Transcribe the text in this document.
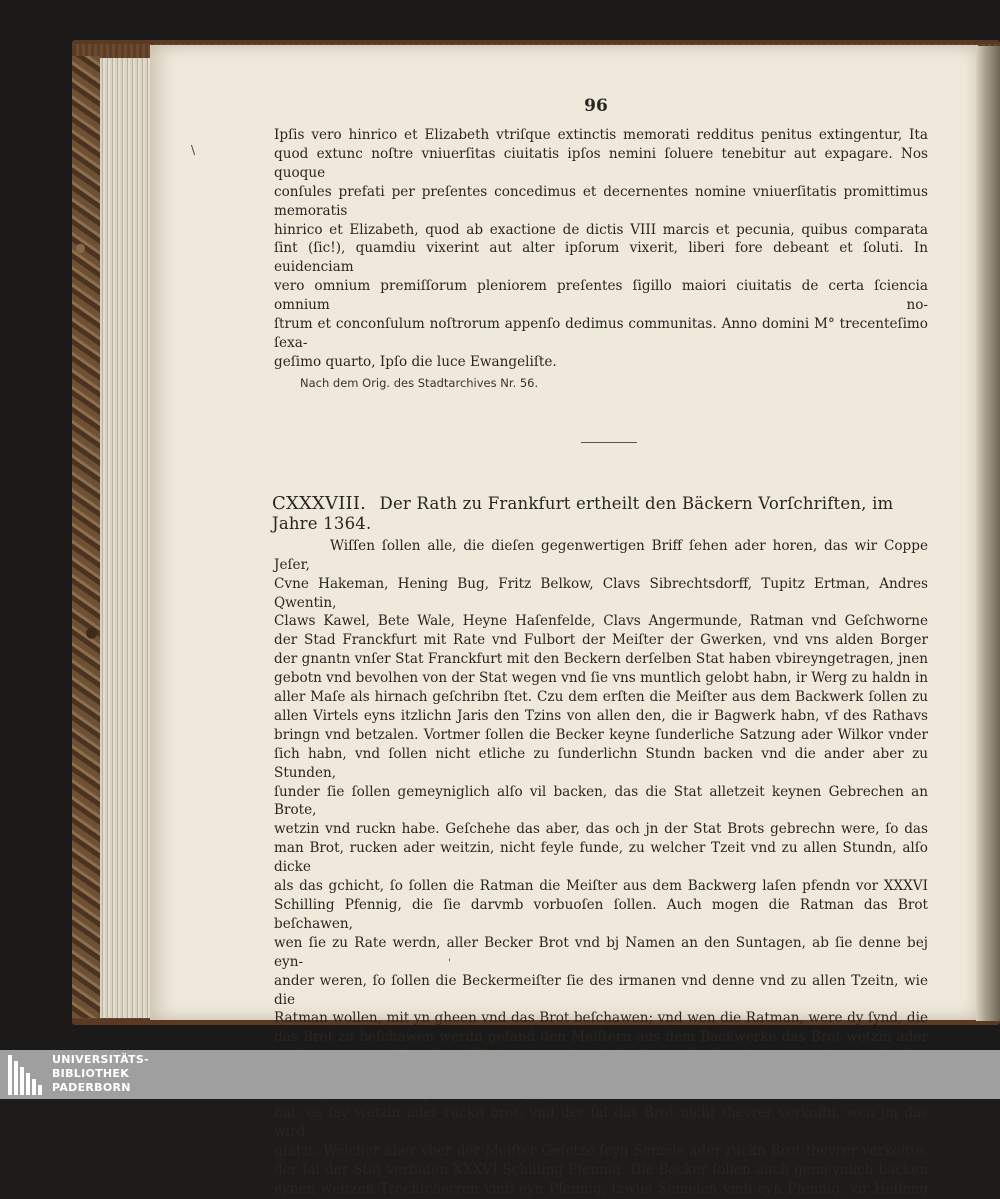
\
96
Ipſis vero hinrico et Elizabeth vtriſque extinctis memorati redditus penitus extingentur, Ita
quod extunc noſtre vniuerſitas ciuitatis ipſos nemini ſoluere tenebitur aut expagare. Nos quoque
conſules prefati per preſentes concedimus et decernentes nomine vniuerſitatis promittimus memoratis
hinrico et Elizabeth, quod ab exactione de dictis VIII marcis et pecunia, quibus comparata
ſint (ſic!), quamdiu vixerint aut alter ipſorum vixerit, liberi fore debeant et ſoluti. In euidenciam
vero omnium premiſſorum pleniorem preſentes ſigillo maiori ciuitatis de certa ſciencia omnium no-
ſtrum et conconſulum noſtrorum appenſo dedimus communitas. Anno domini M° trecenteſimo ſexa-
geſimo quarto, Ipſo die luce Ewangeliſte.
Nach dem Orig. des Stadtarchives Nr. 56.
CXXXVIII. Der Rath zu Frankfurt ertheilt den Bäckern Vorſchriften, im Jahre 1364.
Wiſſen ſollen alle, die dieſen gegenwertigen Briff ſehen ader horen, das wir Coppe Jeſer,
Cvne Hakeman, Hening Bug, Fritz Belkow, Clavs Sibrechtsdorff, Tupitz Ertman, Andres Qwentin,
Claws Kawel, Bete Wale, Heyne Haſenfelde, Clavs Angermunde, Ratman vnd Geſchworne
der Stad Franckfurt mit Rate vnd Fulbort der Meiſter der Gwerken, vnd vns alden Borger
der gnantn vnſer Stat Franckfurt mit den Beckern derſelben Stat haben vbireyngetragen, jnen
gebotn vnd bevolhen von der Stat wegen vnd ſie vns muntlich gelobt habn, ir Werg zu haldn in
aller Maſe als hirnach geſchribn ſtet. Czu dem erſten die Meiſter aus dem Backwerk ſollen zu
allen Virtels eyns itzlichn Jaris den Tzins von allen den, die ir Bagwerk habn, vf des Rathavs
bringn vnd betzalen. Vortmer ſollen die Becker keyne ſunderliche Satzung ader Wilkor vnder
ſich habn, vnd ſollen nicht etliche zu ſunderlichn Stundn backen vnd die ander aber zu Stunden,
ſunder ſie ſollen gemeyniglich alſo vil backen, das die Stat alletzeit keynen Gebrechen an Brote,
wetzin vnd ruckn habe. Geſchehe das aber, das och jn der Stat Brots gebrechn were, ſo das
man Brot, rucken ader weitzin, nicht feyle funde, zu welcher Tzeit vnd zu allen Stundn, alſo dicke
als das gchicht, ſo ſollen die Ratman die Meiſter aus dem Backwerg laſen pfendn vor XXXVI
Schilling Pfennig, die ſie darvmb vorbuoſen ſollen. Auch mogen die Ratman das Brot beſchawen,
wen ſie zu Rate werdn, aller Becker Brot vnd bj Namen an den Suntagen, ab ſie denne bej eyn-
ander weren, ſo ſollen die Beckermeiſter ſie des irmanen vnd denne vnd zu allen Tzeitn, wie die
Ratman wollen, mit yn gheen vnd das Brot beſchawen; vnd wen die Ratman, were dy ſynd, die
das Brot zu beſchawen werdn geſand den Meiſtern aus dem Backwerke das Brot wetzin ader
hat, es ſey wetzin ader ruckn brot, vnd der ſal das Brot nicht thevrer verkoffn, wen jm das wird
gſatzt. Welcher aber vber der Meiſter Geſetze ſeyn Semele ader ruckn Brot thevrer verkoffte,
der ſal der Stat verbuſen XXXVI Schilling Pfennig. Die Becker ſollen auch gemeynlich backen
eynen weitzen Trochſcherren vmb eyn Pfennig, tzwue Semelen vmb eyn Pfennig, vir Helleng
'
UNIVERSITÄTS-
BIBLIOTHEK
PADERBORN
